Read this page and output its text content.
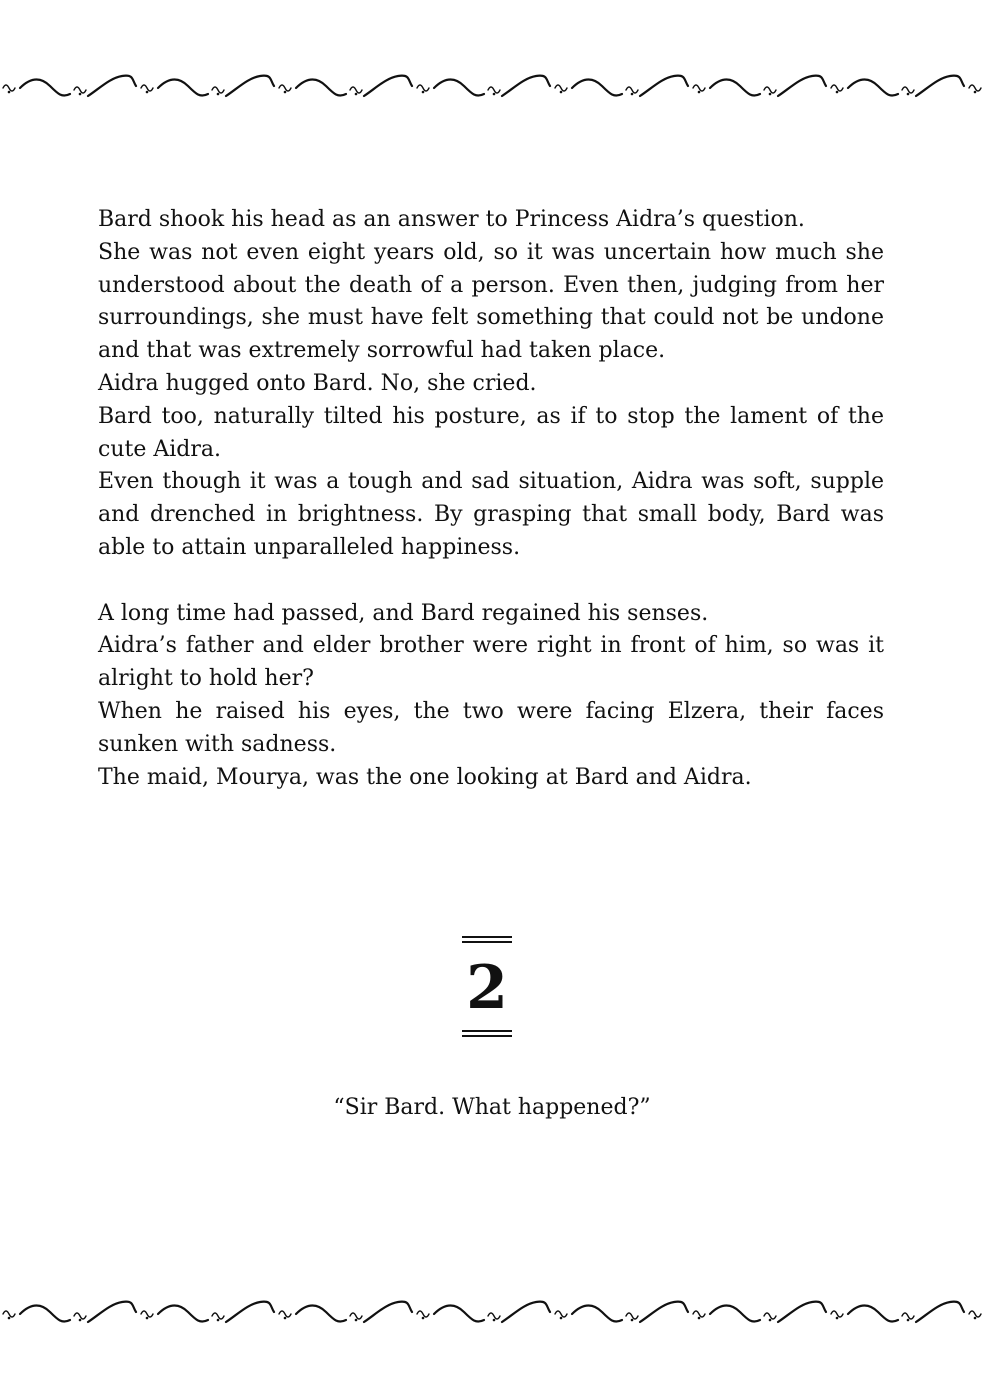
Bard shook his head as an answer to Princess Aidra’s question.

She was not even eight years old, so it was uncertain how much she understood about the death of a person. Even then, judging from her surroundings, she must have felt something that could not be undone and that was extremely sorrowful had taken place.

Aidra hugged onto Bard. No, she cried.

Bard too, naturally tilted his posture, as if to stop the lament of the cute Aidra.

Even though it was a tough and sad situation, Aidra was soft, supple and drenched in brightness. By grasping that small body, Bard was able to attain unparalleled happiness.

A long time had passed, and Bard regained his senses.

Aidra’s father and elder brother were right in front of him, so was it alright to hold her?

When he raised his eyes, the two were facing Elzera, their faces sunken with sadness.

The maid, Mourya, was the one looking at Bard and Aidra.

2
“Sir Bard. What happened?”
